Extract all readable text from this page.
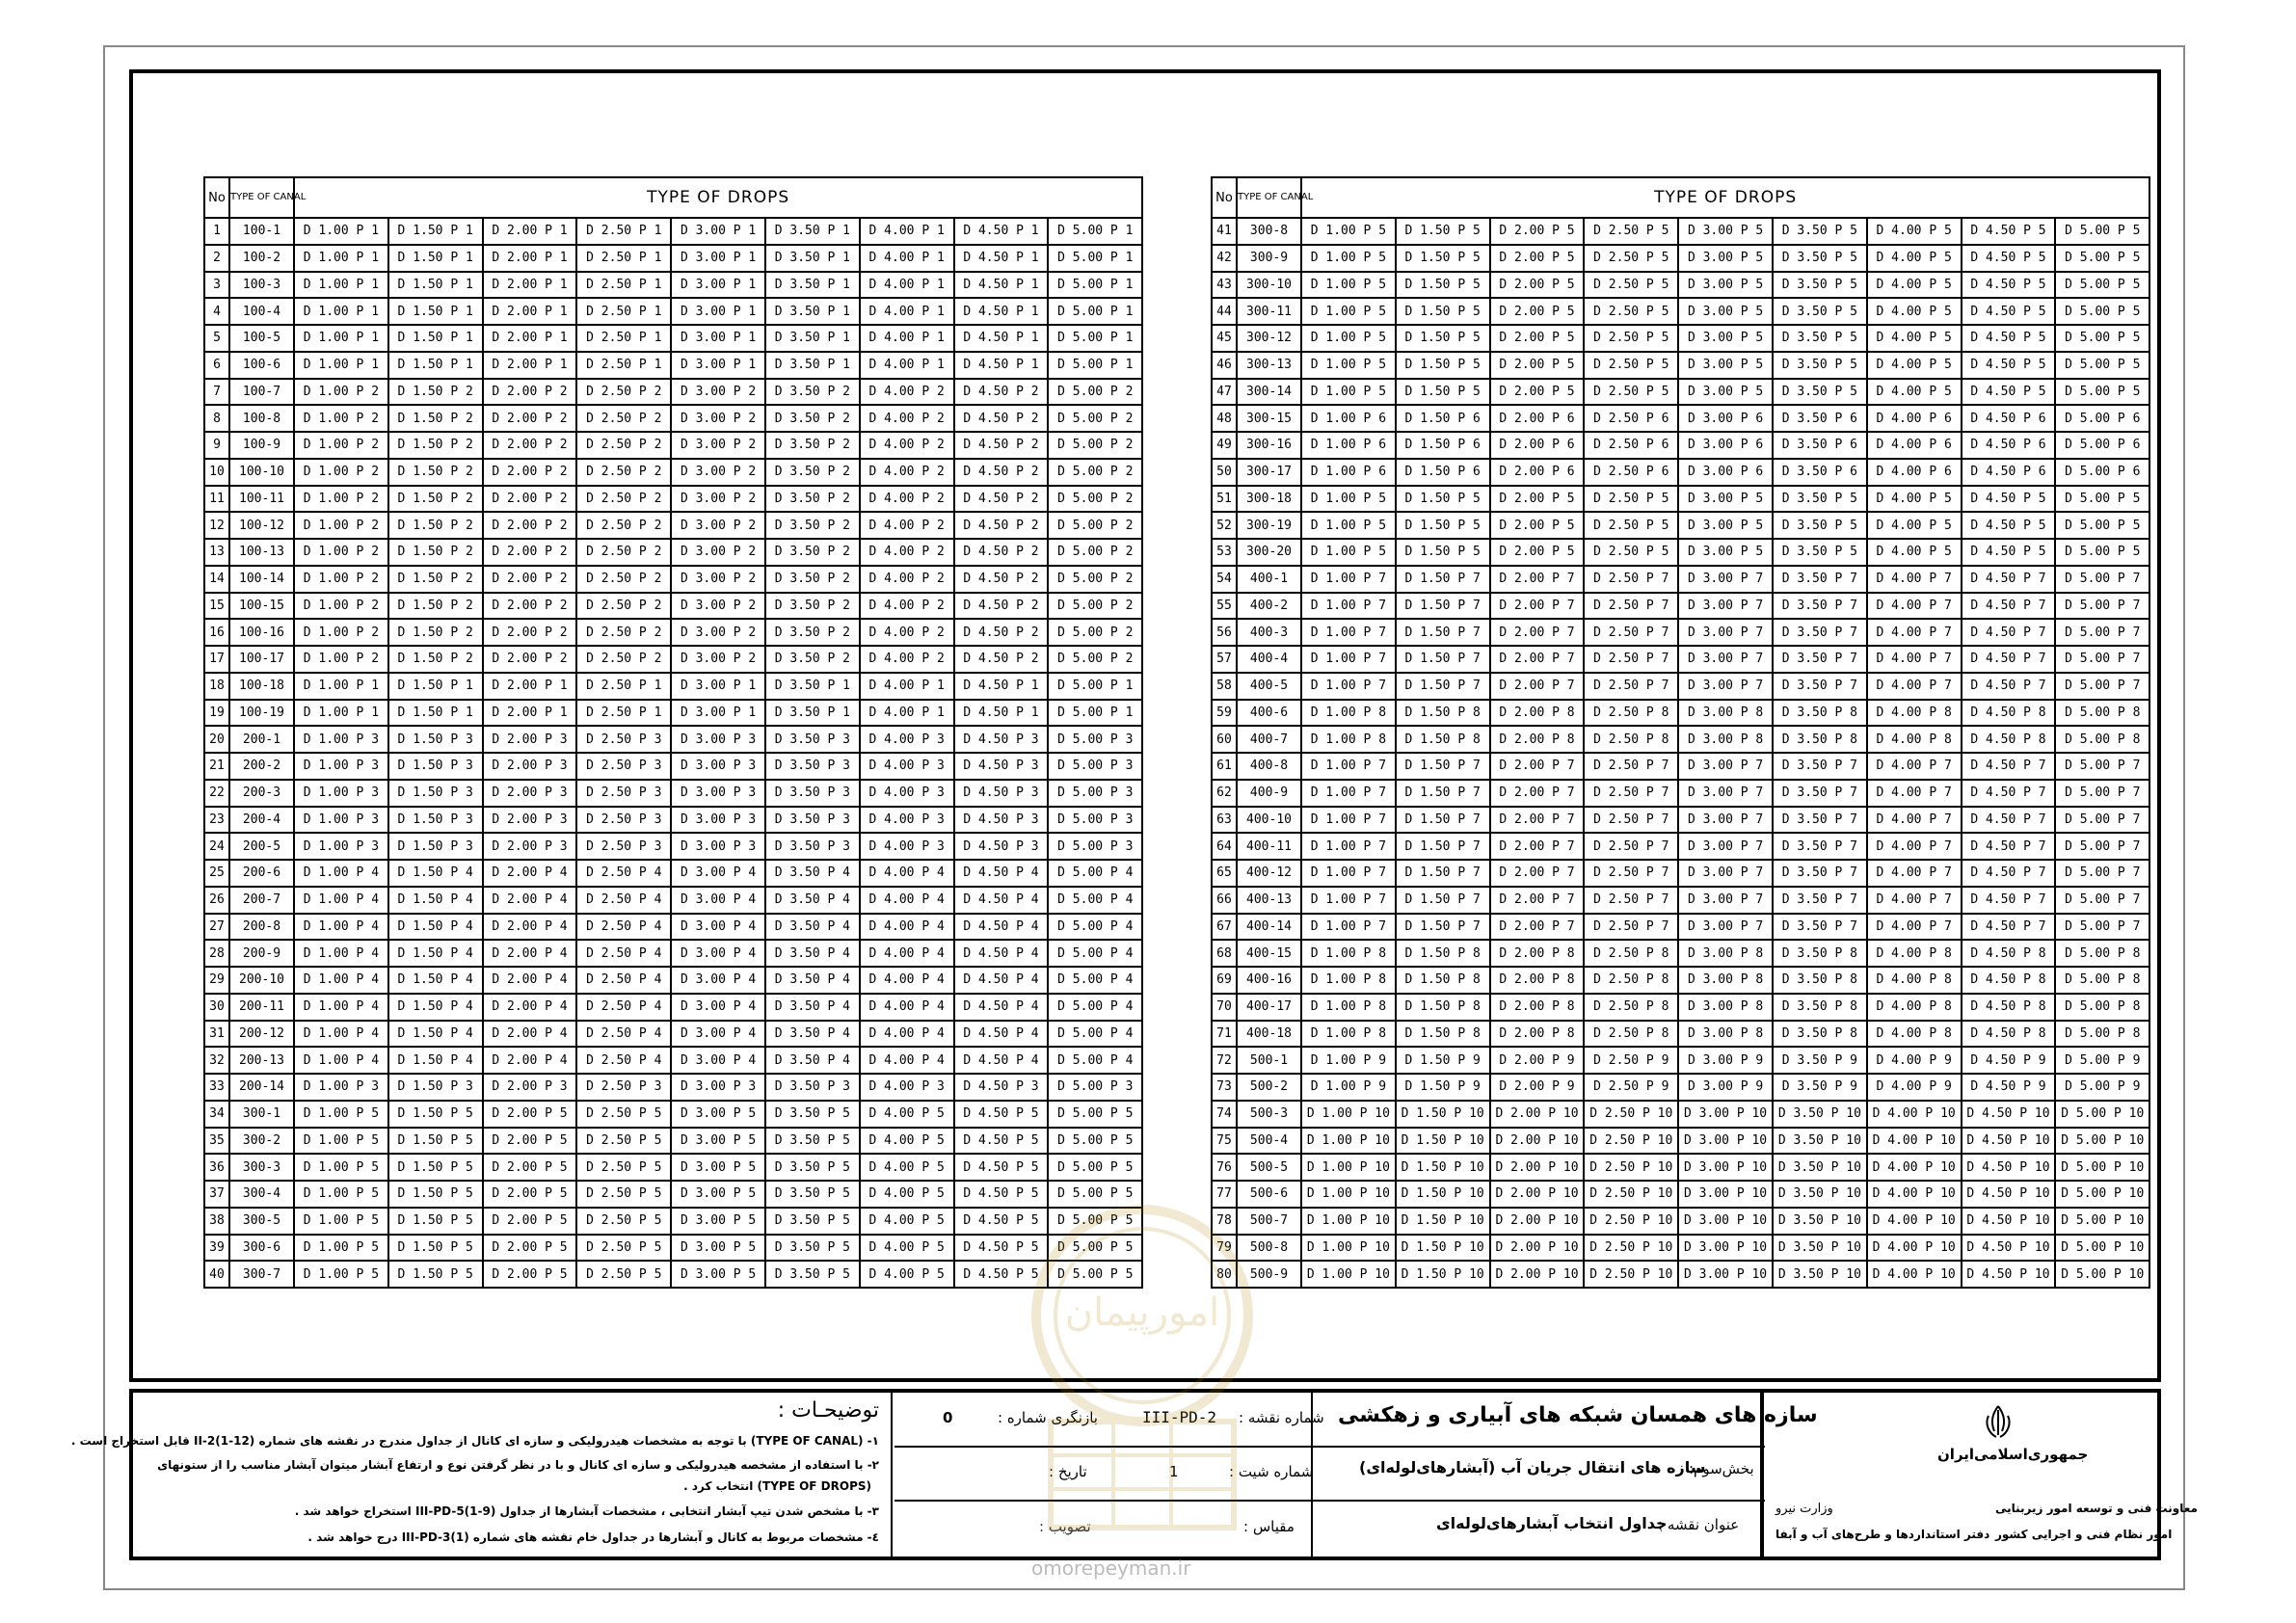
No	TYPE OF CANAL	TYPE OF DROPS								
1	100-1	D 1.00 P 1	D 1.50 P 1	D 2.00 P 1	D 2.50 P 1	D 3.00 P 1	D 3.50 P 1	D 4.00 P 1	D 4.50 P 1	D 5.00 P 1
2	100-2	D 1.00 P 1	D 1.50 P 1	D 2.00 P 1	D 2.50 P 1	D 3.00 P 1	D 3.50 P 1	D 4.00 P 1	D 4.50 P 1	D 5.00 P 1
3	100-3	D 1.00 P 1	D 1.50 P 1	D 2.00 P 1	D 2.50 P 1	D 3.00 P 1	D 3.50 P 1	D 4.00 P 1	D 4.50 P 1	D 5.00 P 1
4	100-4	D 1.00 P 1	D 1.50 P 1	D 2.00 P 1	D 2.50 P 1	D 3.00 P 1	D 3.50 P 1	D 4.00 P 1	D 4.50 P 1	D 5.00 P 1
5	100-5	D 1.00 P 1	D 1.50 P 1	D 2.00 P 1	D 2.50 P 1	D 3.00 P 1	D 3.50 P 1	D 4.00 P 1	D 4.50 P 1	D 5.00 P 1
6	100-6	D 1.00 P 1	D 1.50 P 1	D 2.00 P 1	D 2.50 P 1	D 3.00 P 1	D 3.50 P 1	D 4.00 P 1	D 4.50 P 1	D 5.00 P 1
7	100-7	D 1.00 P 2	D 1.50 P 2	D 2.00 P 2	D 2.50 P 2	D 3.00 P 2	D 3.50 P 2	D 4.00 P 2	D 4.50 P 2	D 5.00 P 2
8	100-8	D 1.00 P 2	D 1.50 P 2	D 2.00 P 2	D 2.50 P 2	D 3.00 P 2	D 3.50 P 2	D 4.00 P 2	D 4.50 P 2	D 5.00 P 2
9	100-9	D 1.00 P 2	D 1.50 P 2	D 2.00 P 2	D 2.50 P 2	D 3.00 P 2	D 3.50 P 2	D 4.00 P 2	D 4.50 P 2	D 5.00 P 2
10	100-10	D 1.00 P 2	D 1.50 P 2	D 2.00 P 2	D 2.50 P 2	D 3.00 P 2	D 3.50 P 2	D 4.00 P 2	D 4.50 P 2	D 5.00 P 2
11	100-11	D 1.00 P 2	D 1.50 P 2	D 2.00 P 2	D 2.50 P 2	D 3.00 P 2	D 3.50 P 2	D 4.00 P 2	D 4.50 P 2	D 5.00 P 2
12	100-12	D 1.00 P 2	D 1.50 P 2	D 2.00 P 2	D 2.50 P 2	D 3.00 P 2	D 3.50 P 2	D 4.00 P 2	D 4.50 P 2	D 5.00 P 2
13	100-13	D 1.00 P 2	D 1.50 P 2	D 2.00 P 2	D 2.50 P 2	D 3.00 P 2	D 3.50 P 2	D 4.00 P 2	D 4.50 P 2	D 5.00 P 2
14	100-14	D 1.00 P 2	D 1.50 P 2	D 2.00 P 2	D 2.50 P 2	D 3.00 P 2	D 3.50 P 2	D 4.00 P 2	D 4.50 P 2	D 5.00 P 2
15	100-15	D 1.00 P 2	D 1.50 P 2	D 2.00 P 2	D 2.50 P 2	D 3.00 P 2	D 3.50 P 2	D 4.00 P 2	D 4.50 P 2	D 5.00 P 2
16	100-16	D 1.00 P 2	D 1.50 P 2	D 2.00 P 2	D 2.50 P 2	D 3.00 P 2	D 3.50 P 2	D 4.00 P 2	D 4.50 P 2	D 5.00 P 2
17	100-17	D 1.00 P 2	D 1.50 P 2	D 2.00 P 2	D 2.50 P 2	D 3.00 P 2	D 3.50 P 2	D 4.00 P 2	D 4.50 P 2	D 5.00 P 2
18	100-18	D 1.00 P 1	D 1.50 P 1	D 2.00 P 1	D 2.50 P 1	D 3.00 P 1	D 3.50 P 1	D 4.00 P 1	D 4.50 P 1	D 5.00 P 1
19	100-19	D 1.00 P 1	D 1.50 P 1	D 2.00 P 1	D 2.50 P 1	D 3.00 P 1	D 3.50 P 1	D 4.00 P 1	D 4.50 P 1	D 5.00 P 1
20	200-1	D 1.00 P 3	D 1.50 P 3	D 2.00 P 3	D 2.50 P 3	D 3.00 P 3	D 3.50 P 3	D 4.00 P 3	D 4.50 P 3	D 5.00 P 3
21	200-2	D 1.00 P 3	D 1.50 P 3	D 2.00 P 3	D 2.50 P 3	D 3.00 P 3	D 3.50 P 3	D 4.00 P 3	D 4.50 P 3	D 5.00 P 3
22	200-3	D 1.00 P 3	D 1.50 P 3	D 2.00 P 3	D 2.50 P 3	D 3.00 P 3	D 3.50 P 3	D 4.00 P 3	D 4.50 P 3	D 5.00 P 3
23	200-4	D 1.00 P 3	D 1.50 P 3	D 2.00 P 3	D 2.50 P 3	D 3.00 P 3	D 3.50 P 3	D 4.00 P 3	D 4.50 P 3	D 5.00 P 3
24	200-5	D 1.00 P 3	D 1.50 P 3	D 2.00 P 3	D 2.50 P 3	D 3.00 P 3	D 3.50 P 3	D 4.00 P 3	D 4.50 P 3	D 5.00 P 3
25	200-6	D 1.00 P 4	D 1.50 P 4	D 2.00 P 4	D 2.50 P 4	D 3.00 P 4	D 3.50 P 4	D 4.00 P 4	D 4.50 P 4	D 5.00 P 4
26	200-7	D 1.00 P 4	D 1.50 P 4	D 2.00 P 4	D 2.50 P 4	D 3.00 P 4	D 3.50 P 4	D 4.00 P 4	D 4.50 P 4	D 5.00 P 4
27	200-8	D 1.00 P 4	D 1.50 P 4	D 2.00 P 4	D 2.50 P 4	D 3.00 P 4	D 3.50 P 4	D 4.00 P 4	D 4.50 P 4	D 5.00 P 4
28	200-9	D 1.00 P 4	D 1.50 P 4	D 2.00 P 4	D 2.50 P 4	D 3.00 P 4	D 3.50 P 4	D 4.00 P 4	D 4.50 P 4	D 5.00 P 4
29	200-10	D 1.00 P 4	D 1.50 P 4	D 2.00 P 4	D 2.50 P 4	D 3.00 P 4	D 3.50 P 4	D 4.00 P 4	D 4.50 P 4	D 5.00 P 4
30	200-11	D 1.00 P 4	D 1.50 P 4	D 2.00 P 4	D 2.50 P 4	D 3.00 P 4	D 3.50 P 4	D 4.00 P 4	D 4.50 P 4	D 5.00 P 4
31	200-12	D 1.00 P 4	D 1.50 P 4	D 2.00 P 4	D 2.50 P 4	D 3.00 P 4	D 3.50 P 4	D 4.00 P 4	D 4.50 P 4	D 5.00 P 4
32	200-13	D 1.00 P 4	D 1.50 P 4	D 2.00 P 4	D 2.50 P 4	D 3.00 P 4	D 3.50 P 4	D 4.00 P 4	D 4.50 P 4	D 5.00 P 4
33	200-14	D 1.00 P 3	D 1.50 P 3	D 2.00 P 3	D 2.50 P 3	D 3.00 P 3	D 3.50 P 3	D 4.00 P 3	D 4.50 P 3	D 5.00 P 3
34	300-1	D 1.00 P 5	D 1.50 P 5	D 2.00 P 5	D 2.50 P 5	D 3.00 P 5	D 3.50 P 5	D 4.00 P 5	D 4.50 P 5	D 5.00 P 5
35	300-2	D 1.00 P 5	D 1.50 P 5	D 2.00 P 5	D 2.50 P 5	D 3.00 P 5	D 3.50 P 5	D 4.00 P 5	D 4.50 P 5	D 5.00 P 5
36	300-3	D 1.00 P 5	D 1.50 P 5	D 2.00 P 5	D 2.50 P 5	D 3.00 P 5	D 3.50 P 5	D 4.00 P 5	D 4.50 P 5	D 5.00 P 5
37	300-4	D 1.00 P 5	D 1.50 P 5	D 2.00 P 5	D 2.50 P 5	D 3.00 P 5	D 3.50 P 5	D 4.00 P 5	D 4.50 P 5	D 5.00 P 5
38	300-5	D 1.00 P 5	D 1.50 P 5	D 2.00 P 5	D 2.50 P 5	D 3.00 P 5	D 3.50 P 5	D 4.00 P 5	D 4.50 P 5	D 5.00 P 5
39	300-6	D 1.00 P 5	D 1.50 P 5	D 2.00 P 5	D 2.50 P 5	D 3.00 P 5	D 3.50 P 5	D 4.00 P 5	D 4.50 P 5	D 5.00 P 5
40	300-7	D 1.00 P 5	D 1.50 P 5	D 2.00 P 5	D 2.50 P 5	D 3.00 P 5	D 3.50 P 5	D 4.00 P 5	D 4.50 P 5	D 5.00 P 5
No	TYPE OF CANAL	TYPE OF DROPS								
41	300-8	D 1.00 P 5	D 1.50 P 5	D 2.00 P 5	D 2.50 P 5	D 3.00 P 5	D 3.50 P 5	D 4.00 P 5	D 4.50 P 5	D 5.00 P 5
42	300-9	D 1.00 P 5	D 1.50 P 5	D 2.00 P 5	D 2.50 P 5	D 3.00 P 5	D 3.50 P 5	D 4.00 P 5	D 4.50 P 5	D 5.00 P 5
43	300-10	D 1.00 P 5	D 1.50 P 5	D 2.00 P 5	D 2.50 P 5	D 3.00 P 5	D 3.50 P 5	D 4.00 P 5	D 4.50 P 5	D 5.00 P 5
44	300-11	D 1.00 P 5	D 1.50 P 5	D 2.00 P 5	D 2.50 P 5	D 3.00 P 5	D 3.50 P 5	D 4.00 P 5	D 4.50 P 5	D 5.00 P 5
45	300-12	D 1.00 P 5	D 1.50 P 5	D 2.00 P 5	D 2.50 P 5	D 3.00 P 5	D 3.50 P 5	D 4.00 P 5	D 4.50 P 5	D 5.00 P 5
46	300-13	D 1.00 P 5	D 1.50 P 5	D 2.00 P 5	D 2.50 P 5	D 3.00 P 5	D 3.50 P 5	D 4.00 P 5	D 4.50 P 5	D 5.00 P 5
47	300-14	D 1.00 P 5	D 1.50 P 5	D 2.00 P 5	D 2.50 P 5	D 3.00 P 5	D 3.50 P 5	D 4.00 P 5	D 4.50 P 5	D 5.00 P 5
48	300-15	D 1.00 P 6	D 1.50 P 6	D 2.00 P 6	D 2.50 P 6	D 3.00 P 6	D 3.50 P 6	D 4.00 P 6	D 4.50 P 6	D 5.00 P 6
49	300-16	D 1.00 P 6	D 1.50 P 6	D 2.00 P 6	D 2.50 P 6	D 3.00 P 6	D 3.50 P 6	D 4.00 P 6	D 4.50 P 6	D 5.00 P 6
50	300-17	D 1.00 P 6	D 1.50 P 6	D 2.00 P 6	D 2.50 P 6	D 3.00 P 6	D 3.50 P 6	D 4.00 P 6	D 4.50 P 6	D 5.00 P 6
51	300-18	D 1.00 P 5	D 1.50 P 5	D 2.00 P 5	D 2.50 P 5	D 3.00 P 5	D 3.50 P 5	D 4.00 P 5	D 4.50 P 5	D 5.00 P 5
52	300-19	D 1.00 P 5	D 1.50 P 5	D 2.00 P 5	D 2.50 P 5	D 3.00 P 5	D 3.50 P 5	D 4.00 P 5	D 4.50 P 5	D 5.00 P 5
53	300-20	D 1.00 P 5	D 1.50 P 5	D 2.00 P 5	D 2.50 P 5	D 3.00 P 5	D 3.50 P 5	D 4.00 P 5	D 4.50 P 5	D 5.00 P 5
54	400-1	D 1.00 P 7	D 1.50 P 7	D 2.00 P 7	D 2.50 P 7	D 3.00 P 7	D 3.50 P 7	D 4.00 P 7	D 4.50 P 7	D 5.00 P 7
55	400-2	D 1.00 P 7	D 1.50 P 7	D 2.00 P 7	D 2.50 P 7	D 3.00 P 7	D 3.50 P 7	D 4.00 P 7	D 4.50 P 7	D 5.00 P 7
56	400-3	D 1.00 P 7	D 1.50 P 7	D 2.00 P 7	D 2.50 P 7	D 3.00 P 7	D 3.50 P 7	D 4.00 P 7	D 4.50 P 7	D 5.00 P 7
57	400-4	D 1.00 P 7	D 1.50 P 7	D 2.00 P 7	D 2.50 P 7	D 3.00 P 7	D 3.50 P 7	D 4.00 P 7	D 4.50 P 7	D 5.00 P 7
58	400-5	D 1.00 P 7	D 1.50 P 7	D 2.00 P 7	D 2.50 P 7	D 3.00 P 7	D 3.50 P 7	D 4.00 P 7	D 4.50 P 7	D 5.00 P 7
59	400-6	D 1.00 P 8	D 1.50 P 8	D 2.00 P 8	D 2.50 P 8	D 3.00 P 8	D 3.50 P 8	D 4.00 P 8	D 4.50 P 8	D 5.00 P 8
60	400-7	D 1.00 P 8	D 1.50 P 8	D 2.00 P 8	D 2.50 P 8	D 3.00 P 8	D 3.50 P 8	D 4.00 P 8	D 4.50 P 8	D 5.00 P 8
61	400-8	D 1.00 P 7	D 1.50 P 7	D 2.00 P 7	D 2.50 P 7	D 3.00 P 7	D 3.50 P 7	D 4.00 P 7	D 4.50 P 7	D 5.00 P 7
62	400-9	D 1.00 P 7	D 1.50 P 7	D 2.00 P 7	D 2.50 P 7	D 3.00 P 7	D 3.50 P 7	D 4.00 P 7	D 4.50 P 7	D 5.00 P 7
63	400-10	D 1.00 P 7	D 1.50 P 7	D 2.00 P 7	D 2.50 P 7	D 3.00 P 7	D 3.50 P 7	D 4.00 P 7	D 4.50 P 7	D 5.00 P 7
64	400-11	D 1.00 P 7	D 1.50 P 7	D 2.00 P 7	D 2.50 P 7	D 3.00 P 7	D 3.50 P 7	D 4.00 P 7	D 4.50 P 7	D 5.00 P 7
65	400-12	D 1.00 P 7	D 1.50 P 7	D 2.00 P 7	D 2.50 P 7	D 3.00 P 7	D 3.50 P 7	D 4.00 P 7	D 4.50 P 7	D 5.00 P 7
66	400-13	D 1.00 P 7	D 1.50 P 7	D 2.00 P 7	D 2.50 P 7	D 3.00 P 7	D 3.50 P 7	D 4.00 P 7	D 4.50 P 7	D 5.00 P 7
67	400-14	D 1.00 P 7	D 1.50 P 7	D 2.00 P 7	D 2.50 P 7	D 3.00 P 7	D 3.50 P 7	D 4.00 P 7	D 4.50 P 7	D 5.00 P 7
68	400-15	D 1.00 P 8	D 1.50 P 8	D 2.00 P 8	D 2.50 P 8	D 3.00 P 8	D 3.50 P 8	D 4.00 P 8	D 4.50 P 8	D 5.00 P 8
69	400-16	D 1.00 P 8	D 1.50 P 8	D 2.00 P 8	D 2.50 P 8	D 3.00 P 8	D 3.50 P 8	D 4.00 P 8	D 4.50 P 8	D 5.00 P 8
70	400-17	D 1.00 P 8	D 1.50 P 8	D 2.00 P 8	D 2.50 P 8	D 3.00 P 8	D 3.50 P 8	D 4.00 P 8	D 4.50 P 8	D 5.00 P 8
71	400-18	D 1.00 P 8	D 1.50 P 8	D 2.00 P 8	D 2.50 P 8	D 3.00 P 8	D 3.50 P 8	D 4.00 P 8	D 4.50 P 8	D 5.00 P 8
72	500-1	D 1.00 P 9	D 1.50 P 9	D 2.00 P 9	D 2.50 P 9	D 3.00 P 9	D 3.50 P 9	D 4.00 P 9	D 4.50 P 9	D 5.00 P 9
73	500-2	D 1.00 P 9	D 1.50 P 9	D 2.00 P 9	D 2.50 P 9	D 3.00 P 9	D 3.50 P 9	D 4.00 P 9	D 4.50 P 9	D 5.00 P 9
74	500-3	D 1.00 P 10	D 1.50 P 10	D 2.00 P 10	D 2.50 P 10	D 3.00 P 10	D 3.50 P 10	D 4.00 P 10	D 4.50 P 10	D 5.00 P 10
75	500-4	D 1.00 P 10	D 1.50 P 10	D 2.00 P 10	D 2.50 P 10	D 3.00 P 10	D 3.50 P 10	D 4.00 P 10	D 4.50 P 10	D 5.00 P 10
76	500-5	D 1.00 P 10	D 1.50 P 10	D 2.00 P 10	D 2.50 P 10	D 3.00 P 10	D 3.50 P 10	D 4.00 P 10	D 4.50 P 10	D 5.00 P 10
77	500-6	D 1.00 P 10	D 1.50 P 10	D 2.00 P 10	D 2.50 P 10	D 3.00 P 10	D 3.50 P 10	D 4.00 P 10	D 4.50 P 10	D 5.00 P 10
78	500-7	D 1.00 P 10	D 1.50 P 10	D 2.00 P 10	D 2.50 P 10	D 3.00 P 10	D 3.50 P 10	D 4.00 P 10	D 4.50 P 10	D 5.00 P 10
79	500-8	D 1.00 P 10	D 1.50 P 10	D 2.00 P 10	D 2.50 P 10	D 3.00 P 10	D 3.50 P 10	D 4.00 P 10	D 4.50 P 10	D 5.00 P 10
80	500-9	D 1.00 P 10	D 1.50 P 10	D 2.00 P 10	D 2.50 P 10	D 3.00 P 10	D 3.50 P 10	D 4.00 P 10	D 4.50 P 10	D 5.00 P 10
توضیحـات :
١- (TYPE OF CANAL) با توجه به مشخصات هیدرولیکی و سازه ای کانال از جداول مندرج در نقشه های شماره (12-1)II-2 قابل استخراج است .
٢- با استفاده از مشخصه هیدرولیکی و سازه ای کانال و با در نظر گرفتن نوع و ارتفاع آبشار میتوان آبشار مناسب را از ستونهای
(TYPE OF DROPS) انتخاب کرد .
٣- با مشخص شدن تیپ آبشار انتخابی ، مشخصات آبشارها از جداول (9-1)III-PD-5 استخراج خواهد شد .
٤- مشخصات مربوط به کانال و آبشارها در جداول خام نقشه های شماره (1)III-PD-3 درج خواهد شد .
بازنگری شماره :
0	شماره نقشه :
III-PD-2
تاریخ :	شماره شیت :
1
تصویب :	مقیاس :
سازه های همسان شبکه های آبیاری و زهکشی
بخش‌سوم:
سازه های انتقال جریان آب (آبشارهای‌لوله‌ای)
عنوان نقشه :
جداول انتخاب آبشارهای‌لوله‌ای
جمهوری‌اسلامی‌ایران
وزارت نیرو	معاونت فنی و توسعه امور زیربنایی
دفتر استانداردها و طرح‌های آب و آبفا امور نظام فنی و اجرایی کشور
امورپیمان
omorepeyman.ir
